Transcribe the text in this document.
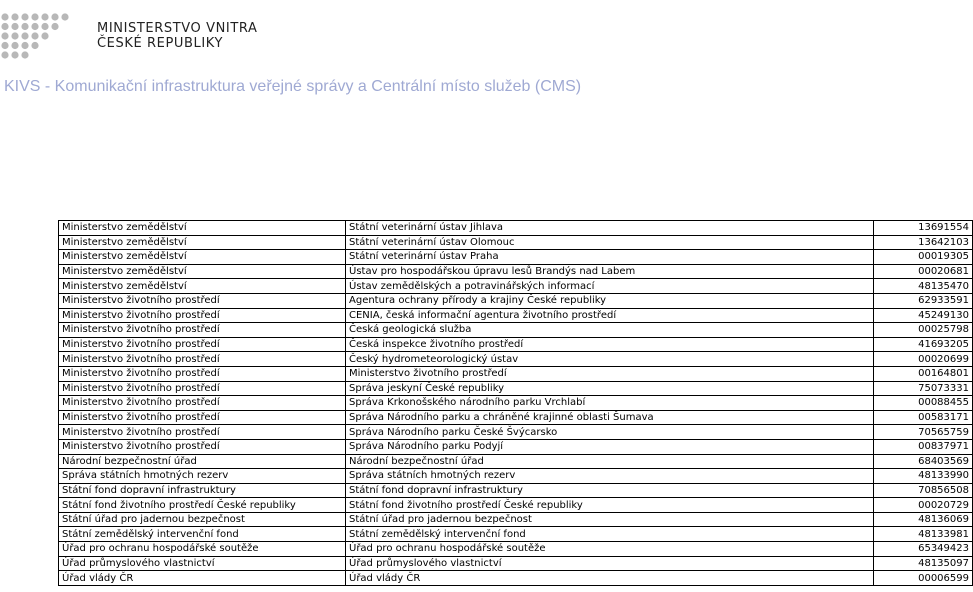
MINISTERSTVO VNITRA
ČESKÉ REPUBLIKY
KIVS - Komunikační infrastruktura veřejné správy a Centrální místo služeb (CMS)
Ministerstvo zemědělství	Státní veterinární ústav Jihlava	13691554
Ministerstvo zemědělství	Státní veterinární ústav Olomouc	13642103
Ministerstvo zemědělství	Státní veterinární ústav Praha	00019305
Ministerstvo zemědělství	Ústav pro hospodářskou úpravu lesů Brandýs nad Labem	00020681
Ministerstvo zemědělství	Ústav zemědělských a potravinářských informací	48135470
Ministerstvo životního prostředí	Agentura ochrany přírody a krajiny České republiky	62933591
Ministerstvo životního prostředí	CENIA, česká informační agentura životního prostředí	45249130
Ministerstvo životního prostředí	Česká geologická služba	00025798
Ministerstvo životního prostředí	Česká inspekce životního prostředí	41693205
Ministerstvo životního prostředí	Český hydrometeorologický ústav	00020699
Ministerstvo životního prostředí	Ministerstvo životního prostředí	00164801
Ministerstvo životního prostředí	Správa jeskyní České republiky	75073331
Ministerstvo životního prostředí	Správa Krkonošského národního parku Vrchlabí	00088455
Ministerstvo životního prostředí	Správa Národního parku a chráněné krajinné oblasti Šumava	00583171
Ministerstvo životního prostředí	Správa Národního parku České Švýcarsko	70565759
Ministerstvo životního prostředí	Správa Národního parku Podyjí	00837971
Národní bezpečnostní úřad	Národní bezpečnostní úřad	68403569
Správa státních hmotných rezerv	Správa státních hmotných rezerv	48133990
Státní fond dopravní infrastruktury	Státní fond dopravní infrastruktury	70856508
Státní fond životního prostředí České republiky	Státní fond životního prostředí České republiky	00020729
Státní úřad pro jadernou bezpečnost	Státní úřad pro jadernou bezpečnost	48136069
Státní zemědělský intervenční fond	Státní zemědělský intervenční fond	48133981
Úřad pro ochranu hospodářské soutěže	Úřad pro ochranu hospodářské soutěže	65349423
Úřad průmyslového vlastnictví	Úřad průmyslového vlastnictví	48135097
Úřad vlády ČR	Úřad vlády ČR	00006599
